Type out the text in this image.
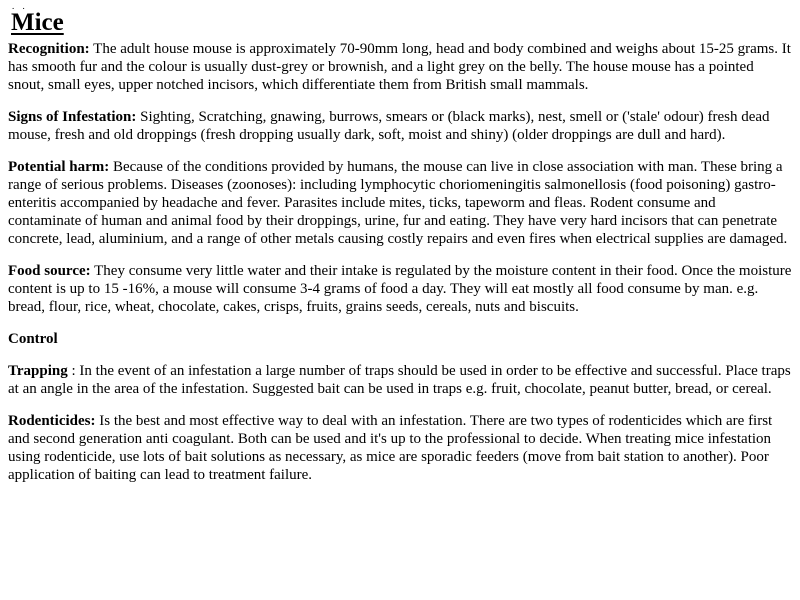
. .
Mice

Recognition: The adult house mouse is approximately 70-90mm long, head and body combined and weighs about 15-25 grams. It has smooth fur and the colour is usually dust-grey or brownish, and a light grey on the belly. The house mouse has a pointed snout, small eyes, upper notched incisors, which differentiate them from British small mammals.

Signs of Infestation: Sighting, Scratching, gnawing, burrows, smears or (black marks), nest, smell or ('stale' odour) fresh dead mouse, fresh and old droppings (fresh dropping usually dark, soft, moist and shiny) (older droppings are dull and hard).

Potential harm: Because of the conditions provided by humans, the mouse can live in close association with man. These bring a range of serious problems. Diseases (zoonoses): including lymphocytic choriomeningitis salmonellosis (food poisoning) gastro-enteritis accompanied by headache and fever. Parasites include mites, ticks, tapeworm and fleas. Rodent consume and contaminate of human and animal food by their droppings, urine, fur and eating. They have very hard incisors that can penetrate concrete, lead, aluminium, and a range of other metals causing costly repairs and even fires when electrical supplies are damaged.

Food source: They consume very little water and their intake is regulated by the moisture content in their food. Once the moisture content is up to 15 -16%, a mouse will consume 3-4 grams of food a day. They will eat mostly all food consume by man. e.g. bread, flour, rice, wheat, chocolate, cakes, crisps, fruits, grains seeds, cereals, nuts and biscuits.

Control

Trapping : In the event of an infestation a large number of traps should be used in order to be effective and successful. Place traps at an angle in the area of the infestation. Suggested bait can be used in traps e.g. fruit, chocolate, peanut butter, bread, or cereal.

Rodenticides: Is the best and most effective way to deal with an infestation. There are two types of rodenticides which are first and second generation anti coagulant. Both can be used and it's up to the professional to decide. When treating mice infestation using rodenticide, use lots of bait solutions as necessary, as mice are sporadic feeders (move from bait station to another). Poor application of baiting can lead to treatment failure.
